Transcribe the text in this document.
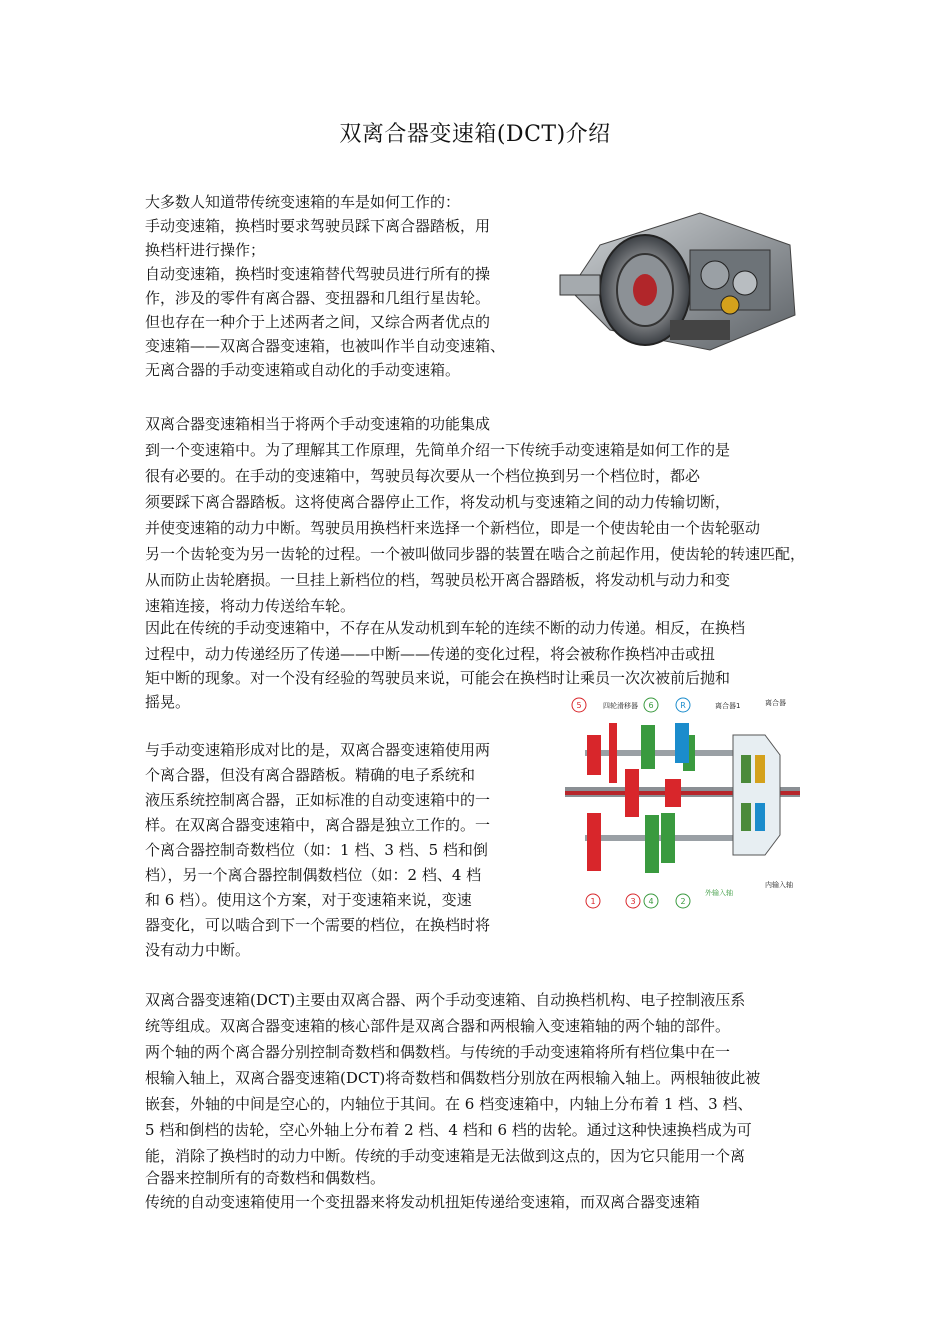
双离合器变速箱(DCT)介绍
大多数人知道带传统变速箱的车是如何工作的：
手动变速箱，换档时要求驾驶员踩下离合器踏板，用
换档杆进行操作；
自动变速箱，换档时变速箱替代驾驶员进行所有的操
作，涉及的零件有离合器、变扭器和几组行星齿轮。
但也存在一种介于上述两者之间，又综合两者优点的
变速箱——双离合器变速箱，也被叫作半自动变速箱、
无离合器的手动变速箱或自动化的手动变速箱。
双离合器变速箱相当于将两个手动变速箱的功能集成
到一个变速箱中。为了理解其工作原理，先简单介绍一下传统手动变速箱是如何工作的是
很有必要的。在手动的变速箱中，驾驶员每次要从一个档位换到另一个档位时，都必
须要踩下离合器踏板。这将使离合器停止工作，将发动机与变速箱之间的动力传输切断，
并使变速箱的动力中断。驾驶员用换档杆来选择一个新档位，即是一个使齿轮由一个齿轮驱动
另一个齿轮变为另一齿轮的过程。一个被叫做同步器的装置在啮合之前起作用，使齿轮的转速匹配，
从而防止齿轮磨损。一旦挂上新档位的档，驾驶员松开离合器踏板，将发动机与动力和变
速箱连接，将动力传送给车轮。
因此在传统的手动变速箱中，不存在从发动机到车轮的连续不断的动力传递。相反，在换档
过程中，动力传递经历了传递——中断——传递的变化过程，将会被称作换档冲击或扭
矩中断的现象。对一个没有经验的驾驶员来说，可能会在换档时让乘员一次次被前后抛和
摇晃。	5	四轮滑移器 6	R	离合器1	离合器
1	3 4	2
外输入轴
内输入轴
与手动变速箱形成对比的是，双离合器变速箱使用两
个离合器，但没有离合器踏板。精确的电子系统和
液压系统控制离合器，正如标准的自动变速箱中的一
样。在双离合器变速箱中，离合器是独立工作的。一
个离合器控制奇数档位（如：1 档、3 档、5 档和倒
档），另一个离合器控制偶数档位（如：2 档、4 档
和 6 档）。使用这个方案，对于变速箱来说，变速
器变化，可以啮合到下一个需要的档位，在换档时将
没有动力中断。
双离合器变速箱(DCT)主要由双离合器、两个手动变速箱、自动换档机构、电子控制液压系
统等组成。双离合器变速箱的核心部件是双离合器和两根输入变速箱轴的两个轴的部件。
两个轴的两个离合器分别控制奇数档和偶数档。与传统的手动变速箱将所有档位集中在一
根输入轴上，双离合器变速箱(DCT)将奇数档和偶数档分别放在两根输入轴上。两根轴彼此被
嵌套，外轴的中间是空心的，内轴位于其间。在 6 档变速箱中，内轴上分布着 1 档、3 档、
5 档和倒档的齿轮，空心外轴上分布着 2 档、4 档和 6 档的齿轮。通过这种快速换档成为可
能，消除了换档时的动力中断。传统的手动变速箱是无法做到这点的，因为它只能用一个离
合器来控制所有的奇数档和偶数档。
传统的自动变速箱使用一个变扭器来将发动机扭矩传递给变速箱，而双离合器变速箱
